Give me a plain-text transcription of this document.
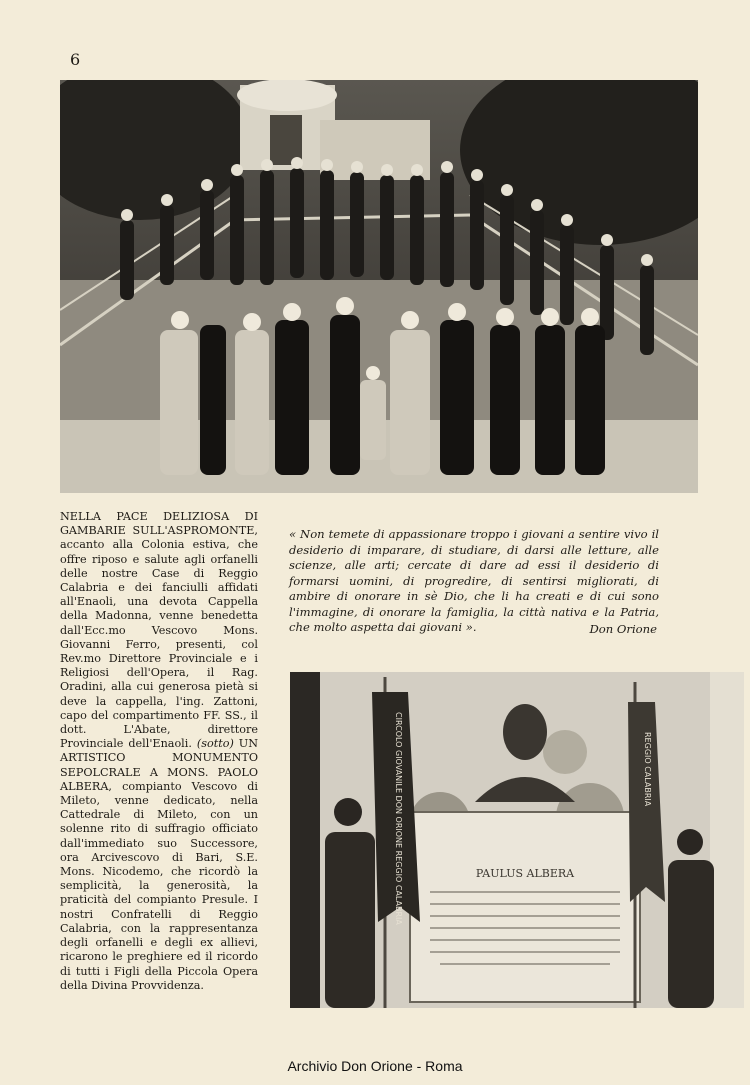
6
NELLA PACE DELIZIOSA DI GAMBARIE SULL'ASPROMONTE, accanto alla Colonia estiva, che offre riposo e salute agli orfanelli delle nostre Case di Reggio Calabria e dei fanciulli affidati all'Enaoli, una devota Cappella della Madonna, venne benedetta dall'Ecc.mo Vescovo Mons. Giovanni Ferro, presenti, col Rev.mo Direttore Provinciale e i Religiosi dell'Opera, il Rag. Oradini, alla cui generosa pietà si deve la cappella, l'ing. Zattoni, capo del compartimento FF. SS., il dott. L'Abate, direttore Provinciale dell'Enaoli. (sotto) UN ARTISTICO MONUMENTO SEPOLCRALE A MONS. PAOLO ALBERA, compianto Vescovo di Mileto, venne dedicato, nella Cattedrale di Mileto, con un solenne rito di suffragio officiato dall'immediato suo Successore, ora Arcivescovo di Bari, S.E. Mons. Nicodemo, che ricordò la semplicità, la generosità, la praticità del compianto Presule. I nostri Confratelli di Reggio Calabria, con la rappresentanza degli orfanelli e degli ex allievi, ricarono le preghiere ed il ricordo di tutti i Figli della Piccola Opera della Divina Provvidenza.
« Non temete di appassionare troppo i giovani a sentire vivo il desiderio di imparare, di studiare, di darsi alle letture, alle scienze, alle arti; cercate di dare ad essi il desiderio di formarsi uomini, di progredire, di sentirsi migliorati, di ambire di onorare in sè Dio, che li ha creati e di cui sono l'immagine, di onorare la famiglia, la città nativa e la Patria, che molto aspetta dai giovani ».	Don Orione
PAULUS ALBERA
CIRCOLO GIOVANILE DON ORIONE REGGIO CALABRIA	REGGIO CALABRIA
Archivio Don Orione - Roma
